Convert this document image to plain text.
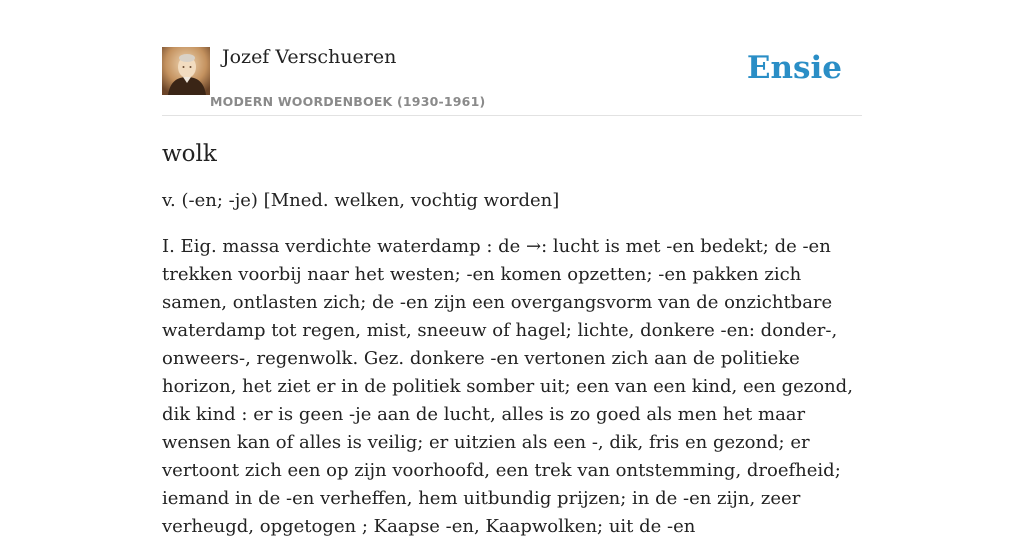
Jozef Verschueren
MODERN WOORDENBOEK (1930-1961)
Ensie
wolk

v. (-en; -je) [Mned. welken, vochtig worden]

I. Eig. massa verdichte waterdamp : de →: lucht is met -en bedekt; de -en trekken voorbij naar het westen; -en komen opzetten; -en pakken zich samen, ontlasten zich; de -en zijn een overgangsvorm van de onzichtbare waterdamp tot regen, mist, sneeuw of hagel; lichte, donkere -en: donder-, onweers-, regenwolk. Gez. donkere -en vertonen zich aan de politieke horizon, het ziet er in de politiek somber uit; een van een kind, een gezond, dik kind : er is geen -je aan de lucht, alles is zo goed als men het maar wensen kan of alles is veilig; er uitzien als een -, dik, fris en gezond; er vertoont zich een op zijn voorhoofd, een trek van ontstemming, droefheid; iemand in de -en verheffen, hem uitbundig prijzen; in de -en zijn, zeer verheugd, opgetogen ; Kaapse -en, Kaapwolken; uit de -en
